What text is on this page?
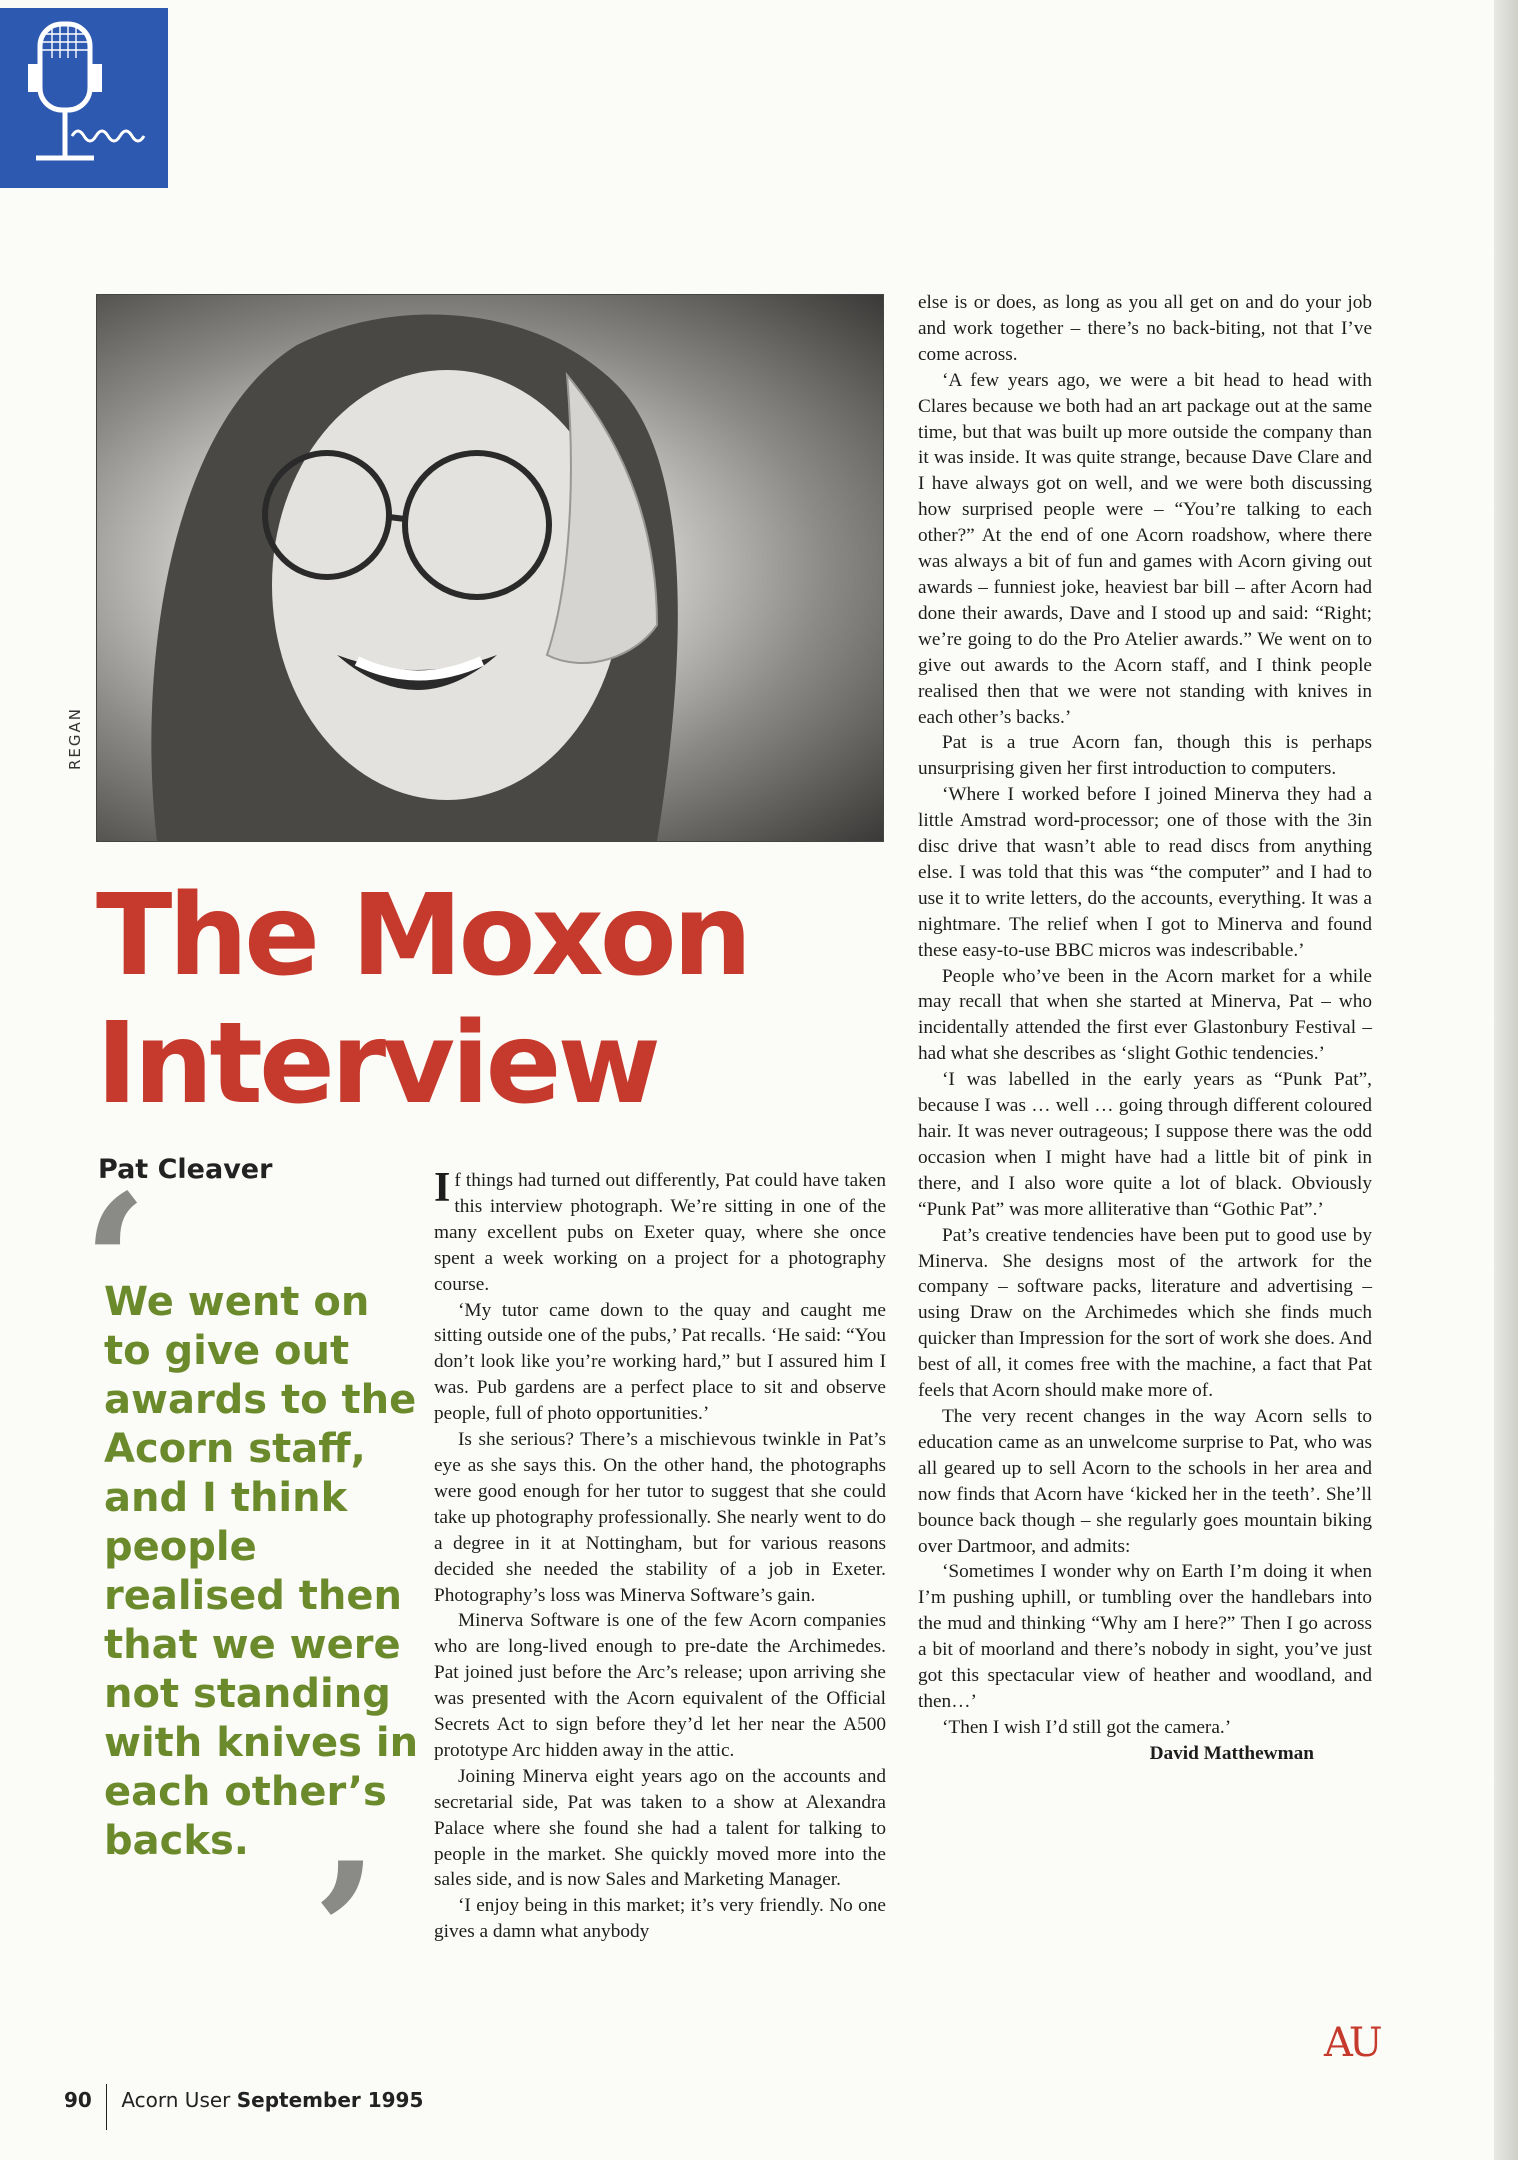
REGAN
The Moxon
Interview
Pat Cleaver
‘
We went on to give out awards to the Acorn staff, and I think people realised then that we were not standing with knives in each other’s backs. ’

If things had turned out differently, Pat could have taken this interview photograph. We’re sitting in one of the many excellent pubs on Exeter quay, where she once spent a week working on a project for a photography course.

‘My tutor came down to the quay and caught me sitting outside one of the pubs,’ Pat recalls. ‘He said: “You don’t look like you’re working hard,” but I assured him I was. Pub gardens are a perfect place to sit and observe people, full of photo opportunities.’

Is she serious? There’s a mischievous twinkle in Pat’s eye as she says this. On the other hand, the photographs were good enough for her tutor to suggest that she could take up photography professionally. She nearly went to do a degree in it at Nottingham, but for various reasons decided she needed the stability of a job in Exeter. Photography’s loss was Minerva Software’s gain.

Minerva Software is one of the few Acorn companies who are long-lived enough to pre-date the Archimedes. Pat joined just before the Arc’s release; upon arriving she was presented with the Acorn equivalent of the Official Secrets Act to sign before they’d let her near the A500 prototype Arc hidden away in the attic.

Joining Minerva eight years ago on the accounts and secretarial side, Pat was taken to a show at Alexandra Palace where she found she had a talent for talking to people in the market. She quickly moved more into the sales side, and is now Sales and Marketing Manager.

‘I enjoy being in this market; it’s very friendly. No one gives a damn what anybody

else is or does, as long as you all get on and do your job and work together – there’s no back-biting, not that I’ve come across.

‘A few years ago, we were a bit head to head with Clares because we both had an art package out at the same time, but that was built up more outside the company than it was inside. It was quite strange, because Dave Clare and I have always got on well, and we were both discussing how surprised people were – “You’re talking to each other?” At the end of one Acorn roadshow, where there was always a bit of fun and games with Acorn giving out awards – funniest joke, heaviest bar bill – after Acorn had done their awards, Dave and I stood up and said: “Right; we’re going to do the Pro Atelier awards.” We went on to give out awards to the Acorn staff, and I think people realised then that we were not standing with knives in each other’s backs.’

Pat is a true Acorn fan, though this is perhaps unsurprising given her first introduction to computers.

‘Where I worked before I joined Minerva they had a little Amstrad word-processor; one of those with the 3in disc drive that wasn’t able to read discs from anything else. I was told that this was “the computer” and I had to use it to write letters, do the accounts, everything. It was a nightmare. The relief when I got to Minerva and found these easy-to-use BBC micros was indescribable.’

People who’ve been in the Acorn market for a while may recall that when she started at Minerva, Pat – who incidentally attended the first ever Glastonbury Festival – had what she describes as ‘slight Gothic tendencies.’

‘I was labelled in the early years as “Punk Pat”, because I was … well … going through different coloured hair. It was never outrageous; I suppose there was the odd occasion when I might have had a little bit of pink in there, and I also wore quite a lot of black. Obviously “Punk Pat” was more alliterative than “Gothic Pat”.’

Pat’s creative tendencies have been put to good use by Minerva. She designs most of the artwork for the company – software packs, literature and advertising – using Draw on the Archimedes which she finds much quicker than Impression for the sort of work she does. And best of all, it comes free with the machine, a fact that Pat feels that Acorn should make more of.

The very recent changes in the way Acorn sells to education came as an unwelcome surprise to Pat, who was all geared up to sell Acorn to the schools in her area and now finds that Acorn have ‘kicked her in the teeth’. She’ll bounce back though – she regularly goes mountain biking over Dartmoor, and admits:

‘Sometimes I wonder why on Earth I’m doing it when I’m pushing uphill, or tumbling over the handlebars into the mud and thinking “Why am I here?” Then I go across a bit of moorland and there’s nobody in sight, you’ve just got this spectacular view of heather and woodland, and then…’

‘Then I wish I’d still got the camera.’

David Matthewman

AU
90 Acorn User September 1995
